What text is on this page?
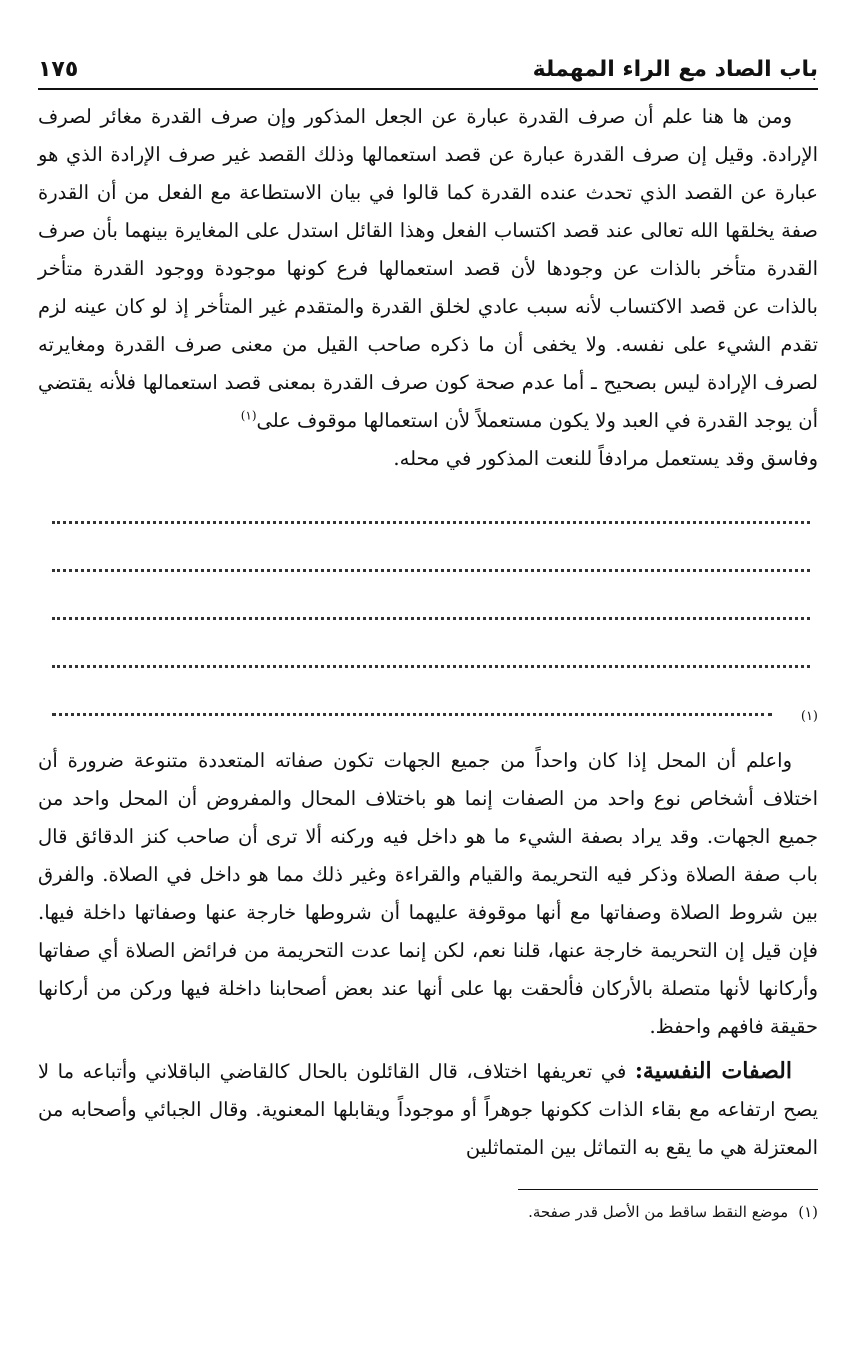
باب الصاد مع الراء المهملة
١٧٥

ومن ها هنا علم أن صرف القدرة عبارة عن الجعل المذكور وإن صرف القدرة مغائر لصرف الإرادة. وقيل إن صرف القدرة عبارة عن قصد استعمالها وذلك القصد غير صرف الإرادة الذي هو عبارة عن القصد الذي تحدث عنده القدرة كما قالوا في بيان الاستطاعة مع الفعل من أن القدرة صفة يخلقها الله تعالى عند قصد اكتساب الفعل وهذا القائل استدل على المغايرة بينهما بأن صرف القدرة متأخر بالذات عن وجودها لأن قصد استعمالها فرع كونها موجودة ووجود القدرة متأخر بالذات عن قصد الاكتساب لأنه سبب عادي لخلق القدرة والمتقدم غير المتأخر إذ لو كان عينه لزم تقدم الشيء على نفسه. ولا يخفى أن ما ذكره صاحب القيل من معنى صرف القدرة ومغايرته لصرف الإرادة ليس بصحيح ـ أما عدم صحة كون صرف القدرة بمعنى قصد استعمالها فلأنه يقتضي أن يوجد القدرة في العبد ولا يكون مستعملاً لأن استعمالها موقوف على$^{(١)}$

وفاسق وقد يستعمل مرادفاً للنعت المذكور في محله.

(١)

واعلم أن المحل إذا كان واحداً من جميع الجهات تكون صفاته المتعددة متنوعة ضرورة أن اختلاف أشخاص نوع واحد من الصفات إنما هو باختلاف المحال والمفروض أن المحل واحد من جميع الجهات. وقد يراد بصفة الشيء ما هو داخل فيه وركنه ألا ترى أن صاحب كنز الدقائق قال باب صفة الصلاة وذكر فيه التحريمة والقيام والقراءة وغير ذلك مما هو داخل في الصلاة. والفرق بين شروط الصلاة وصفاتها مع أنها موقوفة عليهما أن شروطها خارجة عنها وصفاتها داخلة فيها. فإن قيل إن التحريمة خارجة عنها، قلنا نعم، لكن إنما عدت التحريمة من فرائض الصلاة أي صفاتها وأركانها لأنها متصلة بالأركان فألحقت بها على أنها عند بعض أصحابنا داخلة فيها وركن من أركانها حقيقة فافهم واحفظ.

الصفات النفسية: في تعريفها اختلاف، قال القائلون بالحال كالقاضي الباقلاني وأتباعه ما لا يصح ارتفاعه مع بقاء الذات ككونها جوهراً أو موجوداً ويقابلها المعنوية. وقال الجبائي وأصحابه من المعتزلة هي ما يقع به التماثل بين المتماثلين

(١)موضع النقط ساقط من الأصل قدر صفحة.
